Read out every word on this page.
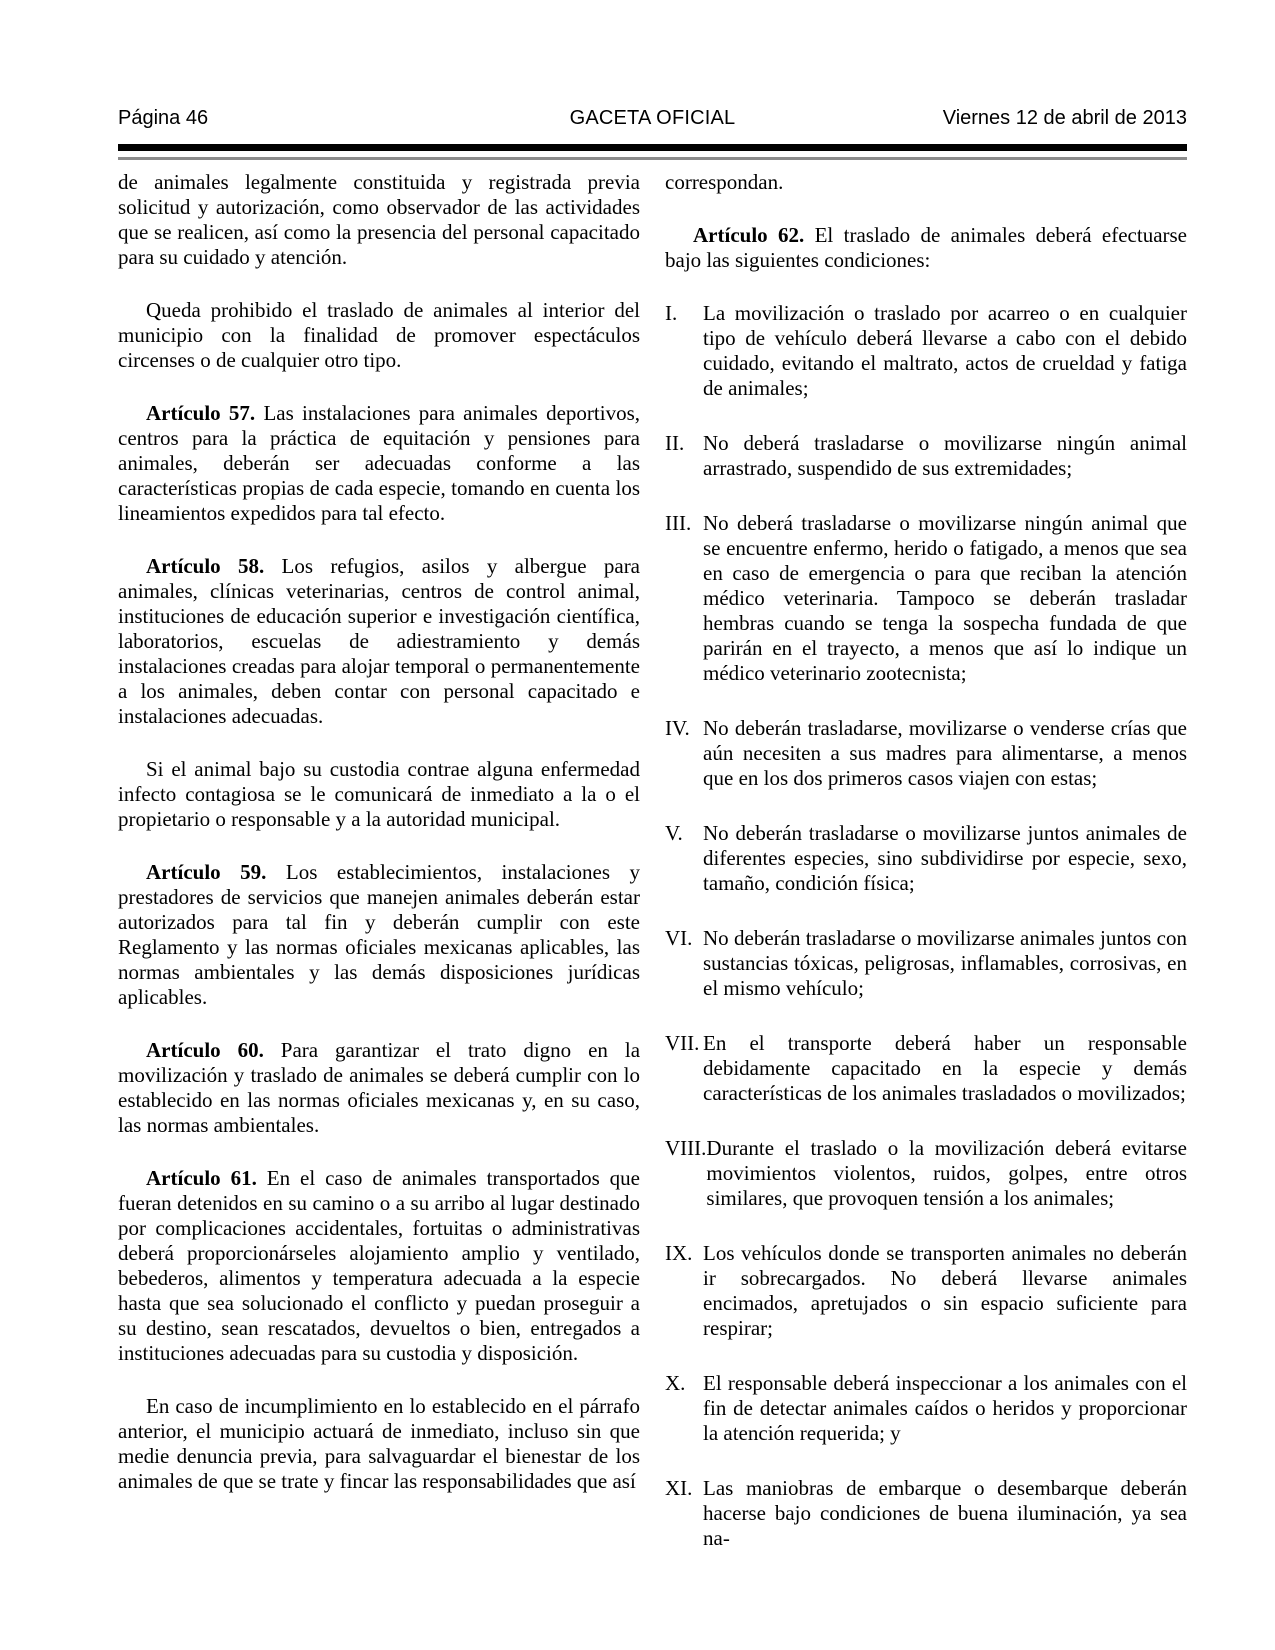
Página 46	GACETA OFICIAL	Viernes 12 de abril de 2013

de animales legalmente constituida y registrada previa solicitud y autorización, como observador de las actividades que se realicen, así como la presencia del personal capacitado para su cuidado y atención.

Queda prohibido el traslado de animales al interior del municipio con la finalidad de promover espectáculos circenses o de cualquier otro tipo.

Artículo 57. Las instalaciones para animales deportivos, centros para la práctica de equitación y pensiones para animales, deberán ser adecuadas conforme a las características propias de cada especie, tomando en cuenta los lineamientos expedidos para tal efecto.

Artículo 58. Los refugios, asilos y albergue para animales, clínicas veterinarias, centros de control animal, instituciones de educación superior e investigación científica, laboratorios, escuelas de adiestramiento y demás instalaciones creadas para alojar temporal o permanentemente a los animales, deben contar con personal capacitado e instalaciones adecuadas.

Si el animal bajo su custodia contrae alguna enfermedad infecto contagiosa se le comunicará de inmediato a la o el propietario o responsable y a la autoridad municipal.

Artículo 59. Los establecimientos, instalaciones y prestadores de servicios que manejen animales deberán estar autorizados para tal fin y deberán cumplir con este Reglamento y las normas oficiales mexicanas aplicables, las normas ambientales y las demás disposiciones jurídicas aplicables.

Artículo 60. Para garantizar el trato digno en la movilización y traslado de animales se deberá cumplir con lo establecido en las normas oficiales mexicanas y, en su caso, las normas ambientales.

Artículo 61. En el caso de animales transportados que fueran detenidos en su camino o a su arribo al lugar destinado por complicaciones accidentales, fortuitas o administrativas deberá proporcionárseles alojamiento amplio y ventilado, bebederos, alimentos y temperatura adecuada a la especie hasta que sea solucionado el conflicto y puedan proseguir a su destino, sean rescatados, devueltos o bien, entregados a instituciones adecuadas para su custodia y disposición.

En caso de incumplimiento en lo establecido en el párrafo anterior, el municipio actuará de inmediato, incluso sin que medie denuncia previa, para salvaguardar el bienestar de los animales de que se trate y fincar las responsabilidades que así

correspondan.

Artículo 62. El traslado de animales deberá efectuarse bajo las siguientes condiciones:

I.	La movilización o traslado por acarreo o en cualquier tipo de vehículo deberá llevarse a cabo con el debido cuidado, evitando el maltrato, actos de crueldad y fatiga de animales;
II. No deberá trasladarse o movilizarse ningún animal arrastrado, suspendido de sus extremidades;
III. No deberá trasladarse o movilizarse ningún animal que se encuentre enfermo, herido o fatigado, a menos que sea en caso de emergencia o para que reciban la atención médico veterinaria. Tampoco se deberán trasladar hembras cuando se tenga la sospecha fundada de que parirán en el trayecto, a menos que así lo indique un médico veterinario zootecnista;
IV. No deberán trasladarse, movilizarse o venderse crías que aún necesiten a sus madres para alimentarse, a menos que en los dos primeros casos viajen con estas;
V. No deberán trasladarse o movilizarse juntos animales de diferentes especies, sino subdividirse por especie, sexo, tamaño, condición física;
VI. No deberán trasladarse o movilizarse animales juntos con sustancias tóxicas, peligrosas, inflamables, corrosivas, en el mismo vehículo;
VII. En el transporte deberá haber un responsable debidamente capacitado en la especie y demás características de los animales trasladados o movilizados;
VIII. Durante el traslado o la movilización deberá evitarse movimientos violentos, ruidos, golpes, entre otros similares, que provoquen tensión a los animales;
IX. Los vehículos donde se transporten animales no deberán ir sobrecargados. No deberá llevarse animales encimados, apretujados o sin espacio suficiente para respirar;
X. El responsable deberá inspeccionar a los animales con el fin de detectar animales caídos o heridos y proporcionar la atención requerida; y
XI. Las maniobras de embarque o desembarque deberán hacerse bajo condiciones de buena iluminación, ya sea na-
